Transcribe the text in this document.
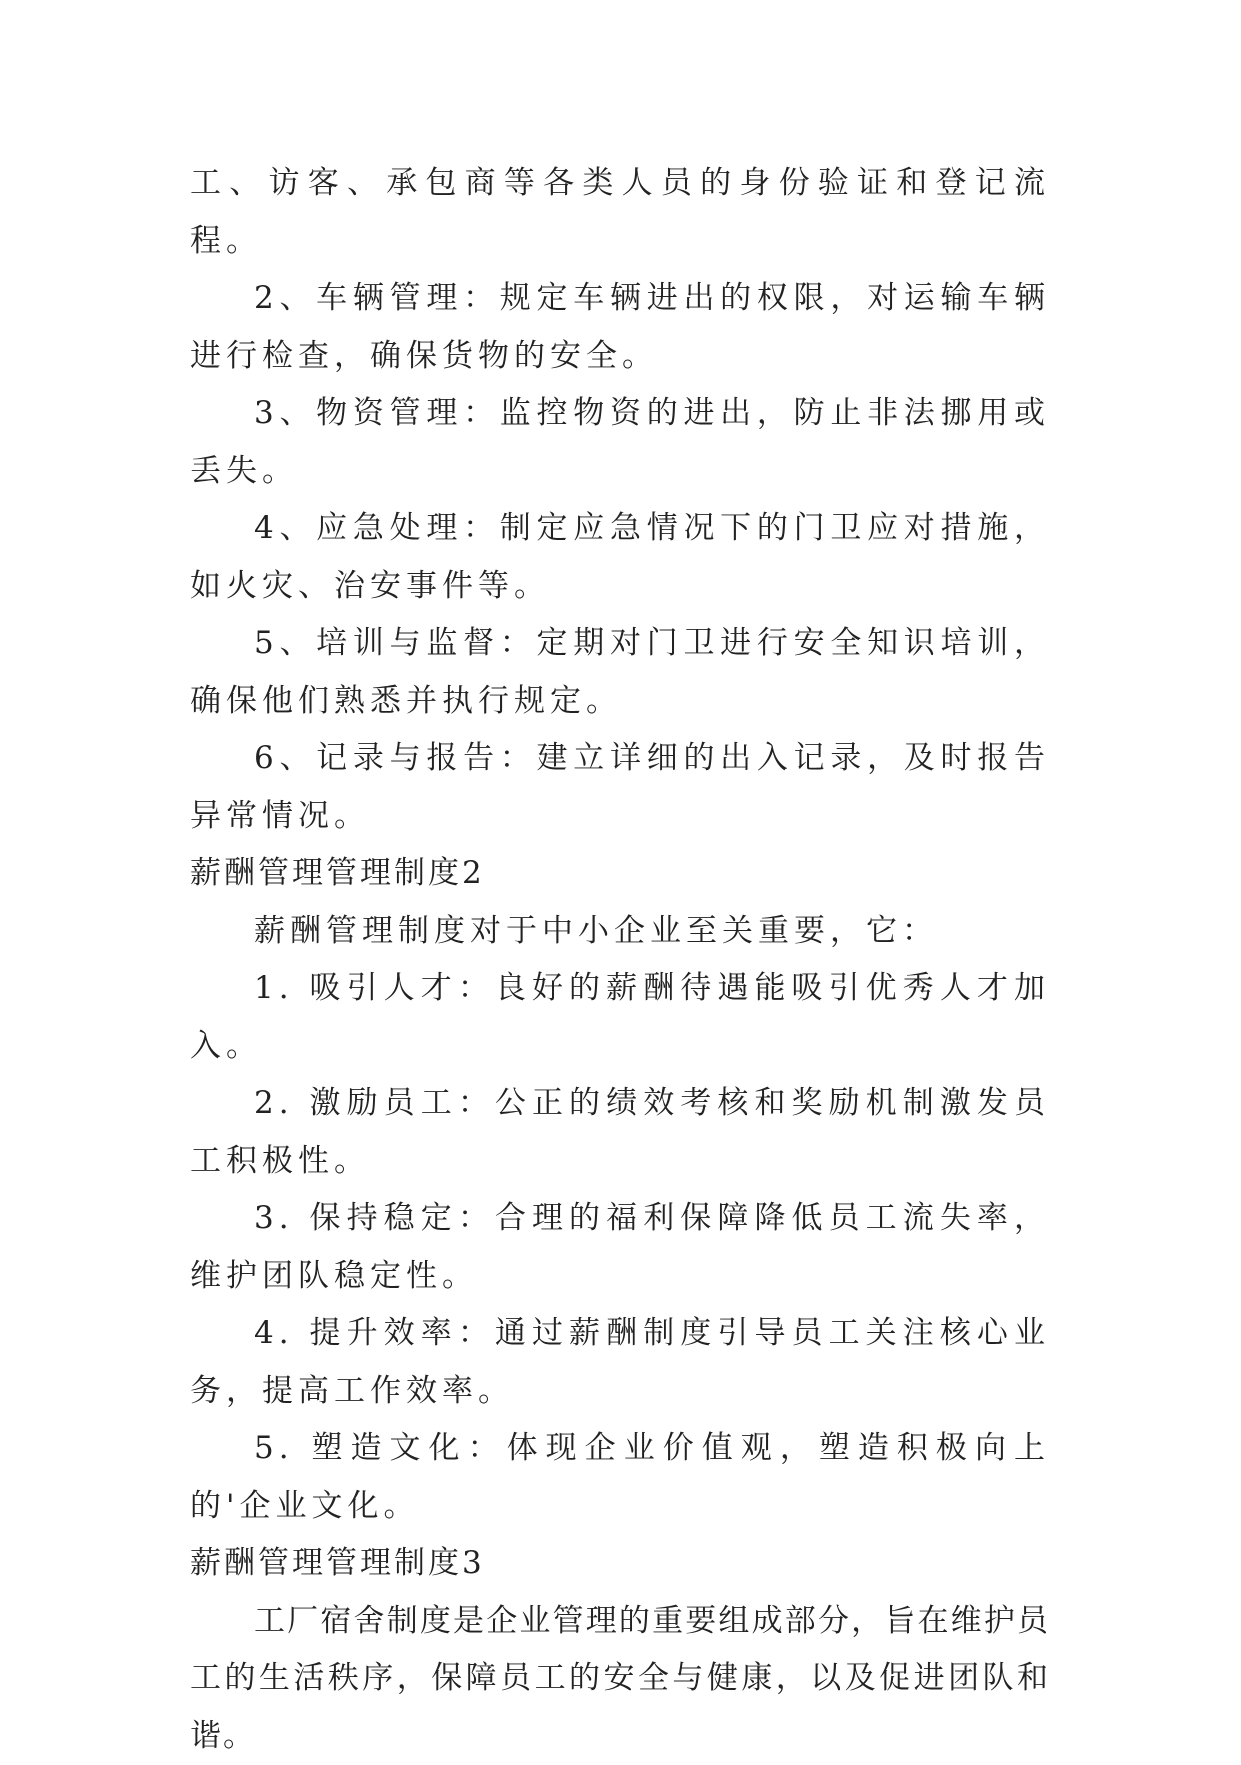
工、访客、承包商等各类人员的身份验证和登记流程。

2、车辆管理：规定车辆进出的权限，对运输车辆进行检查，确保货物的安全。

3、物资管理：监控物资的进出，防止非法挪用或丢失。

4、应急处理：制定应急情况下的门卫应对措施，如火灾、治安事件等。

5、培训与监督：定期对门卫进行安全知识培训，确保他们熟悉并执行规定。

6、记录与报告：建立详细的出入记录，及时报告异常情况。

薪酬管理管理制度2

薪酬管理制度对于中小企业至关重要，它：

1. 吸引人才：良好的薪酬待遇能吸引优秀人才加入。

2. 激励员工：公正的绩效考核和奖励机制激发员工积极性。

3. 保持稳定：合理的福利保障降低员工流失率，维护团队稳定性。

4. 提升效率：通过薪酬制度引导员工关注核心业务，提高工作效率。

5. 塑造文化：体现企业价值观，塑造积极向上的'企业文化。

薪酬管理管理制度3

工厂宿舍制度是企业管理的重要组成部分，旨在维护员工的生活秩序，保障员工的安全与健康，以及促进团队和谐。
